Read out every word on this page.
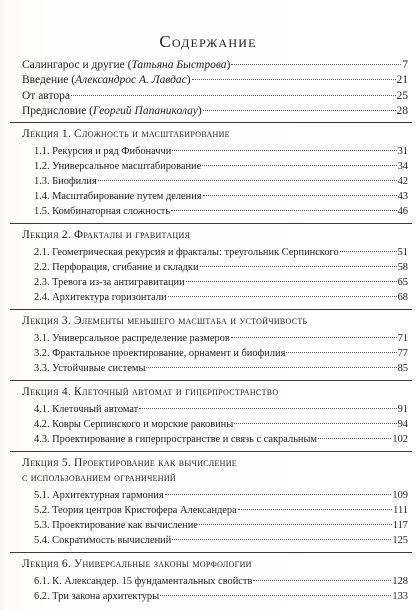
Содержание
Салингарос и другие (Татьяна Быстрова)	7
Введение (Александрос А. Лавдас)	21
От автора	25
Предисловие (Георгий Папаниколау)	28
Лекция 1. Сложность и масштабирование
1.1. Рекурсия и ряд Фибоначчи	31
1.2. Универсальное масштабирование	34
1.3. Биофилия	42
1.4. Масштабирование путем деления	43
1.5. Комбинаторная сложность	46
Лекция 2. Фракталы и гравитация
2.1. Геометрическая рекурсия и фракталы: треугольник Серпинского	51
2.2. Перфорация, сгибание и складки	58
2.3. Тревога из-за антигравитации	65
2.4. Архитектура горизонтали	68
Лекция 3. Элементы меньшего масштаба и устойчивость
3.1. Универсальное распределение размеров	71
3.2. Фрактальное проектирование, орнамент и биофилия	77
3.3. Устойчивые системы	85
Лекция 4. Клеточный автомат и гиперпространство
4.1. Клеточный автомат	91
4.2. Ковры Серпинского и морские раковины	94
4.3. Проектирование в гиперпространстве и связь с сакральным	102
Лекция 5. Проектирование как вычисление
с использованием ограничений
5.1. Архитектурная гармония	109
5.2. Теория центров Кристофера Александера	111
5.3. Проектирование как вычисление	117
5.4. Сократимость вычислений	125
Лекция 6. Универсальные законы морфологии
6.1. К. Александер. 15 фундаментальных свойств	128
6.2. Три закона архитектуры	133
